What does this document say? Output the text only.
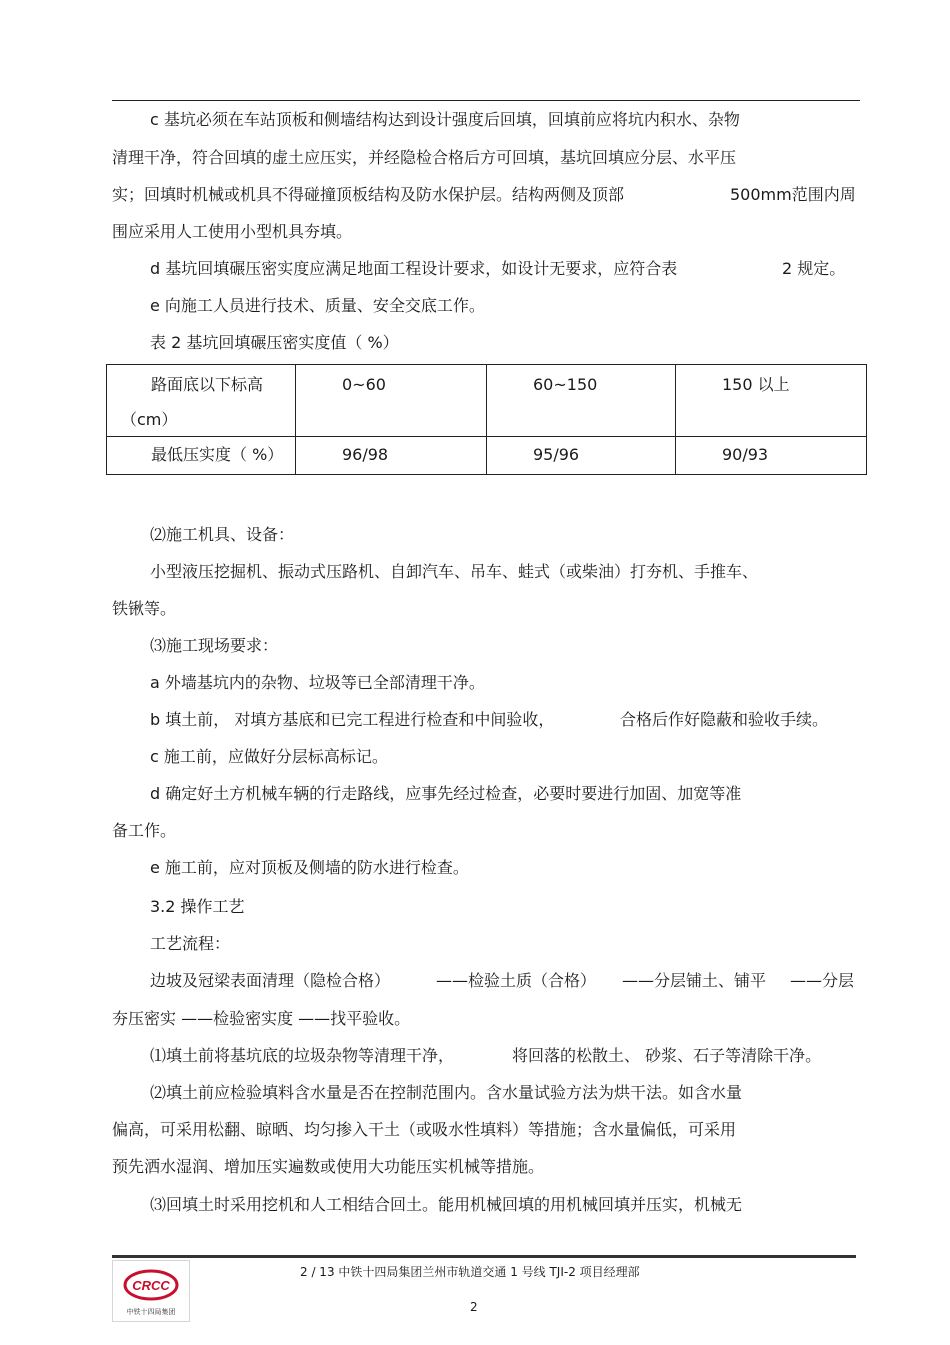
c 基坑必须在车站顶板和侧墙结构达到设计强度后回填，回填前应将坑内积水、杂物
清理干净，符合回填的虚土应压实，并经隐检合格后方可回填，基坑回填应分层、水平压
实；回填时机械或机具不得碰撞顶板结构及防水保护层。结构两侧及顶部	500mm范围内周
围应采用人工使用小型机具夯填。
d 基坑回填碾压密实度应满足地面工程设计要求，如设计无要求，应符合表	2 规定。
e 向施工人员进行技术、质量、安全交底工作。
表 2 基坑回填碾压密实度值（ %）
路面底以下标高
（cm）	0~60	60~150	150 以上

最低压实度（ %）	96/98	95/96	90/93
⑵施工机具、设备：
小型液压挖掘机、振动式压路机、自卸汽车、吊车、蛙式（或柴油）打夯机、手推车、
铁锹等。
⑶施工现场要求：
a 外墙基坑内的杂物、垃圾等已全部清理干净。
b 填土前， 对填方基底和已完工程进行检查和中间验收，	合格后作好隐蔽和验收手续。
c 施工前，应做好分层标高标记。
d 确定好土方机械车辆的行走路线，应事先经过检查，必要时要进行加固、加宽等准
备工作。
e 施工前，应对顶板及侧墙的防水进行检查。
3.2 操作工艺
工艺流程：
边坡及冠梁表面清理（隐检合格）	——检验土质（合格） ——分层铺土、铺平 ——分层
夯压密实 ——检验密实度 ——找平验收。
⑴填土前将基坑底的垃圾杂物等清理干净，	将回落的松散土、 砂浆、石子等清除干净。
⑵填土前应检验填料含水量是否在控制范围内。含水量试验方法为烘干法。如含水量
偏高，可采用松翻、晾晒、均匀掺入干土（或吸水性填料）等措施；含水量偏低，可采用
预先洒水湿润、增加压实遍数或使用大功能压实机械等措施。
⑶回填土时采用挖机和人工相结合回土。能用机械回填的用机械回填并压实，机械无
CRCC
中铁十四局集团
2 / 13 中铁十四局集团兰州市轨道交通 1 号线 TJI-2 项目经理部
2
